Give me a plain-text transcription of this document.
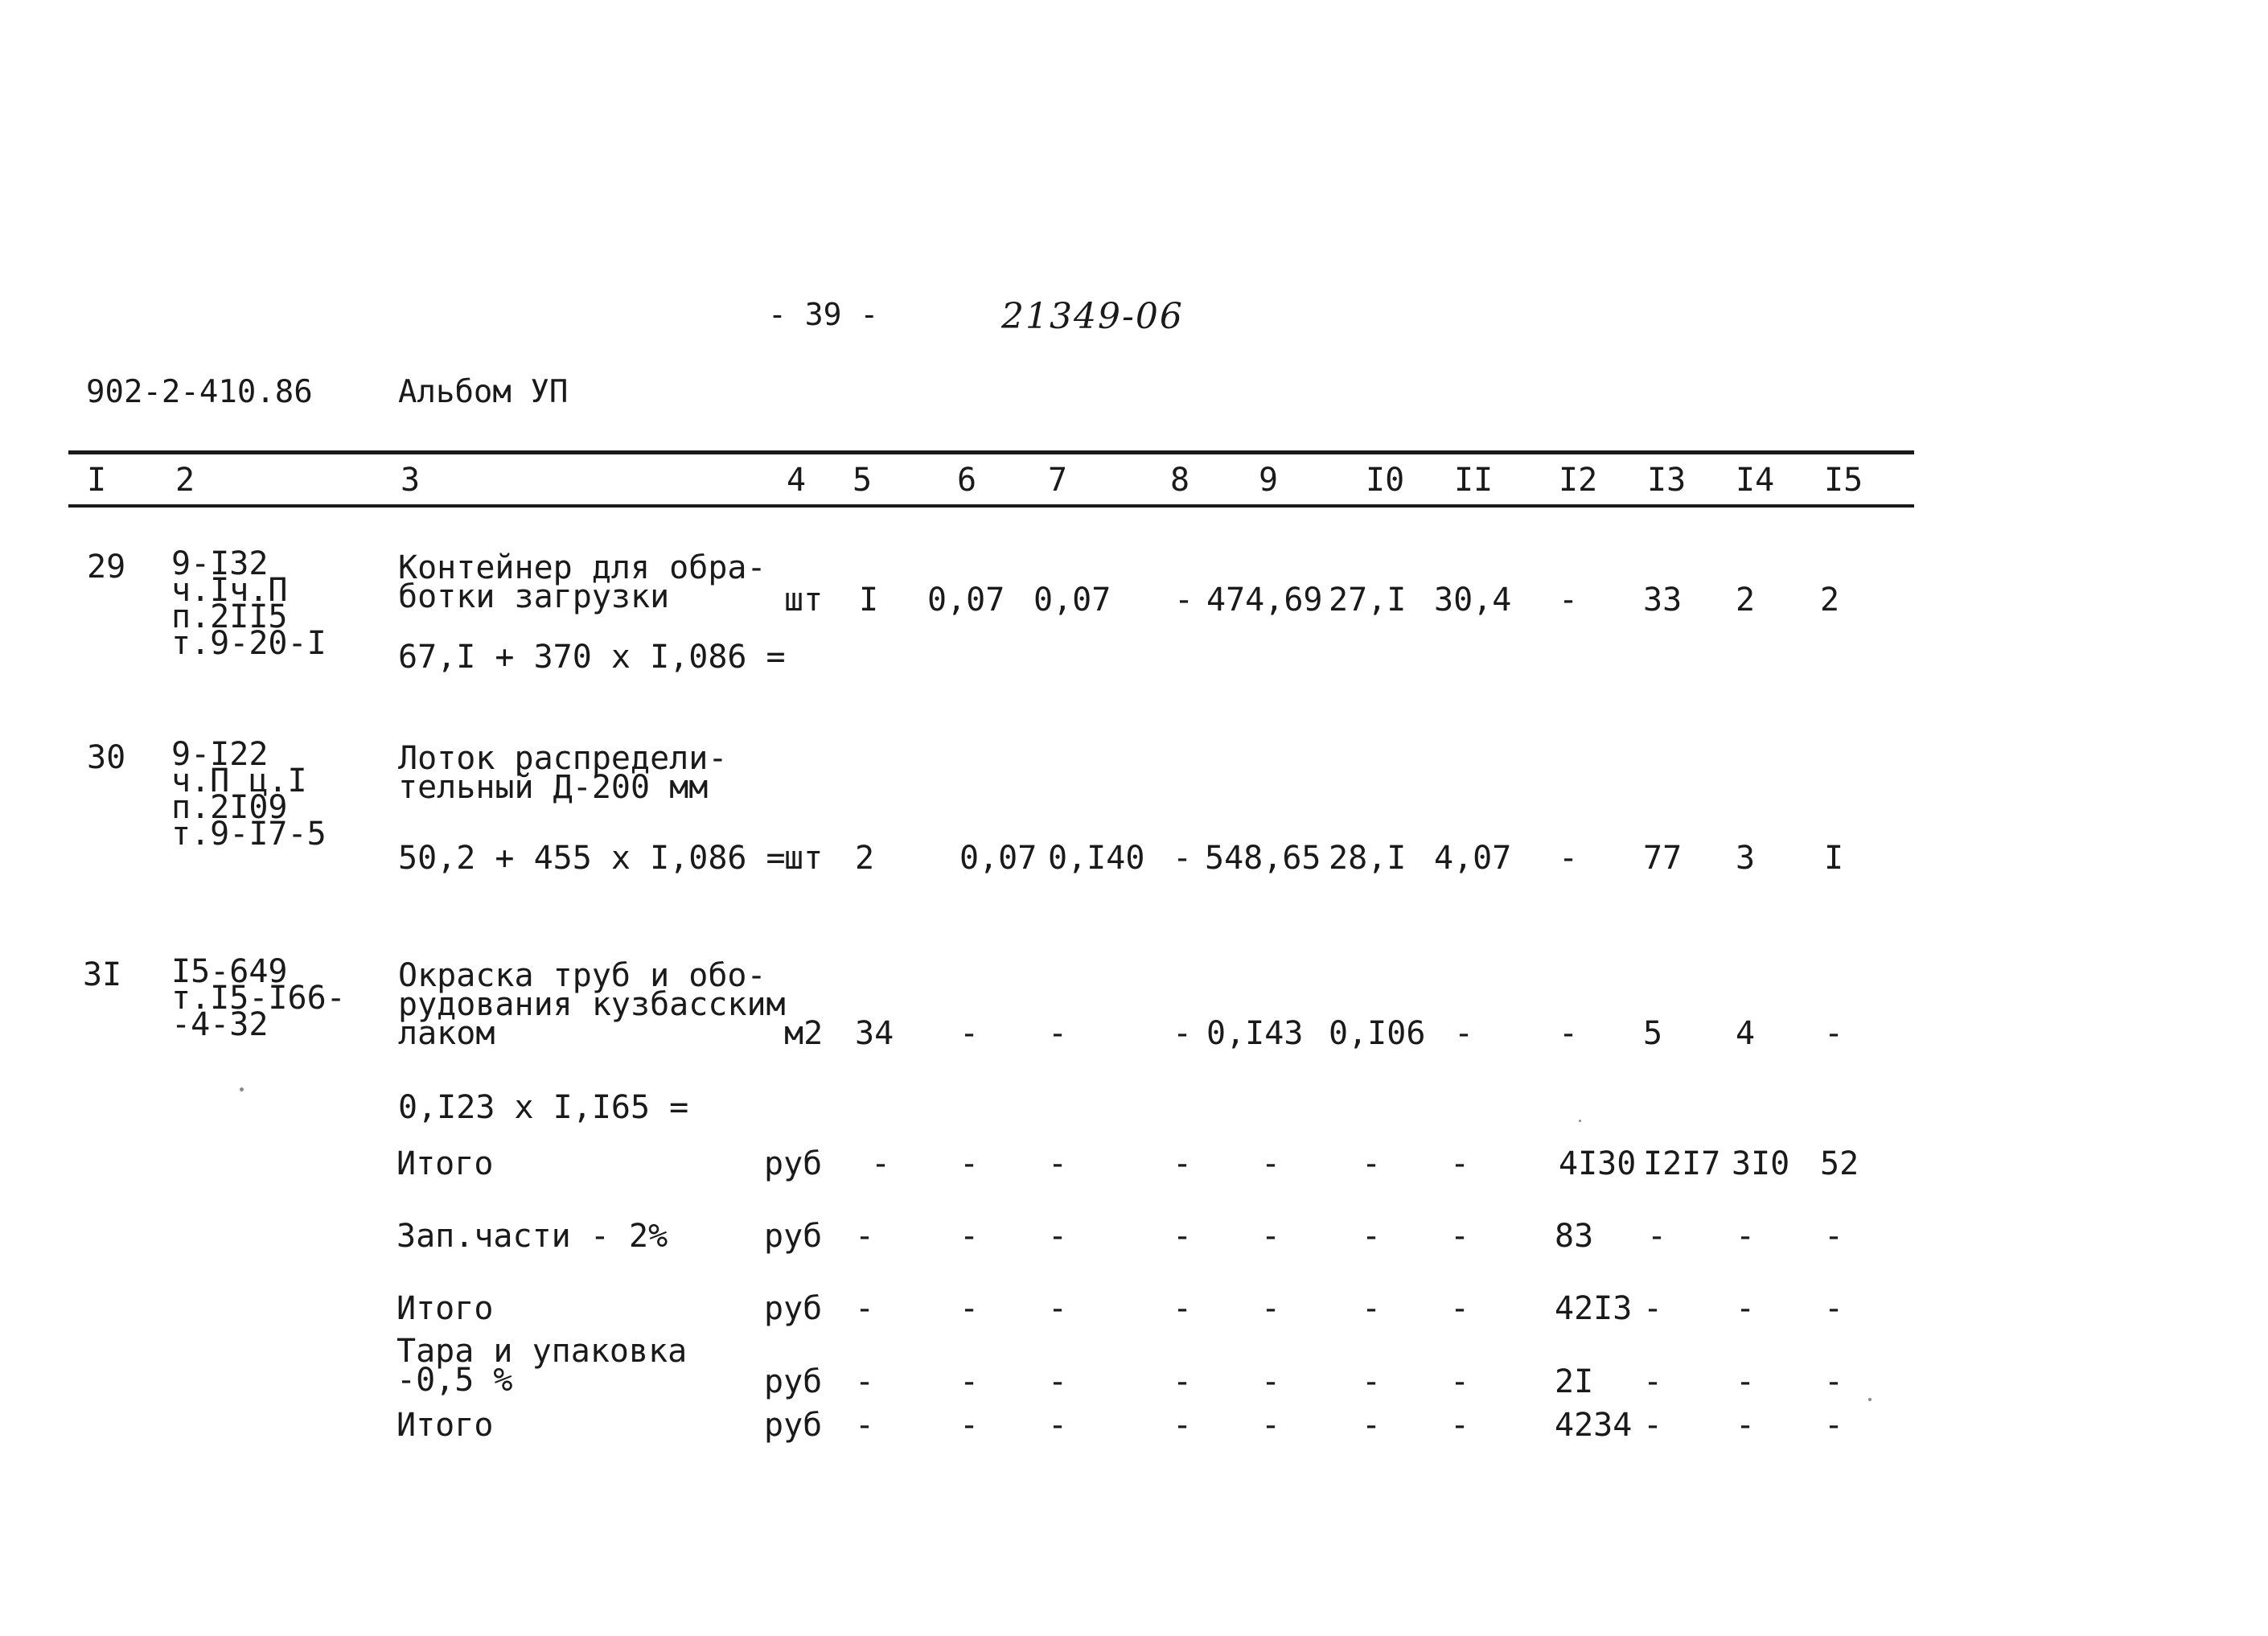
- 39 -	21349-06
902-2-410.86	Альбом УП
I 2	3	4 5	6 7	8 9	I0 II I2 I3 I4 I5
29 9-I32
ч.Iч.П
п.2II5
т.9-20-I
Контейнер для обра-
ботки загрузки
67,I + 370 x I,086 =
шт I 0,07 0,07 - 474,69 27,I 30,4 - 33 2 2
30 9-I22
ч.П ц.I
п.2I09
т.9-I7-5
Лоток распредели-
тельный Д-200 мм
50,2 + 455 x I,086 =
шт 2	0,07 0,I40 - 548,65 28,I 4,07 - 77 3 I
3I I5-649
т.I5-I66-
-4-32
Окраска труб и обо-
рудования кузбасским
лаком
0,I23 x I,I65 =
м2 34 - -	- 0,I43 0,I06 -	- 5 4 -
Итого	руб - - -	- -	- -	4I30 I2I7 3I0 52
Зап.части - 2%	руб -	- -	- -	- -	83 - - -
Итого	руб -	- -	- -	- -	42I3 - - -
Тара и упаковка
-0,5 %	руб -	- -	- -	- -	2I - - -
Итого	руб -	- -	- -	- -	4234 - - -
